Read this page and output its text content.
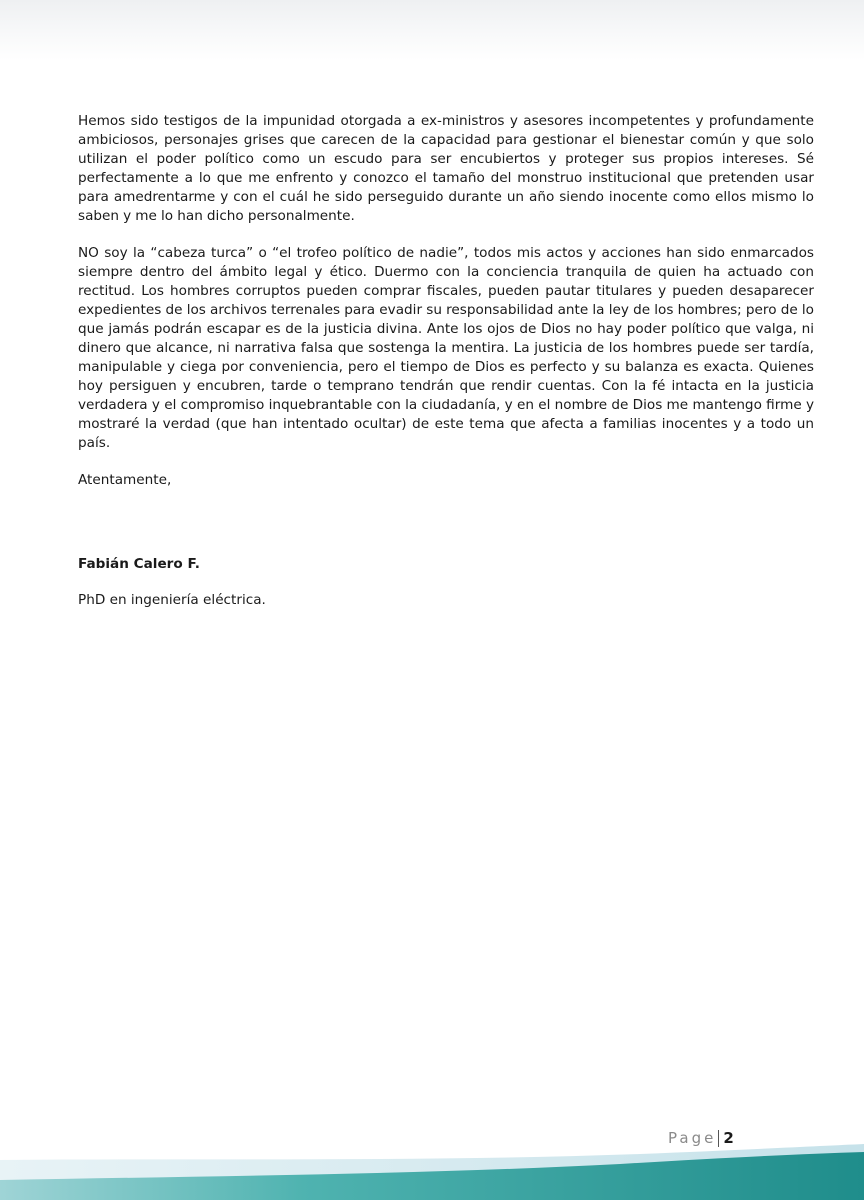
Hemos sido testigos de la impunidad otorgada a ex-ministros y asesores incompetentes y profundamente ambiciosos, personajes grises que carecen de la capacidad para gestionar el bienestar común y que solo utilizan el poder político como un escudo para ser encubiertos y proteger sus propios intereses. Sé perfectamente a lo que me enfrento y conozco el tamaño del monstruo institucional que pretenden usar para amedrentarme y con el cuál he sido perseguido durante un año siendo inocente como ellos mismo lo saben y me lo han dicho personalmente.

NO soy la “cabeza turca” o “el trofeo político de nadie”, todos mis actos y acciones han sido enmarcados siempre dentro del ámbito legal y ético. Duermo con la conciencia tranquila de quien ha actuado con rectitud. Los hombres corruptos pueden comprar fiscales, pueden pautar titulares y pueden desaparecer expedientes de los archivos terrenales para evadir su responsabilidad ante la ley de los hombres; pero de lo que jamás podrán escapar es de la justicia divina. Ante los ojos de Dios no hay poder político que valga, ni dinero que alcance, ni narrativa falsa que sostenga la mentira. La justicia de los hombres puede ser tardía, manipulable y ciega por conveniencia, pero el tiempo de Dios es perfecto y su balanza es exacta. Quienes hoy persiguen y encubren, tarde o temprano tendrán que rendir cuentas. Con la fé intacta en la justicia verdadera y el compromiso inquebrantable con la ciudadanía, y en el nombre de Dios me mantengo firme y mostraré la verdad (que han intentado ocultar) de este tema que afecta a familias inocentes y a todo un país.

Atentamente,

Fabián Calero F.

PhD en ingeniería eléctrica.

Page 2
